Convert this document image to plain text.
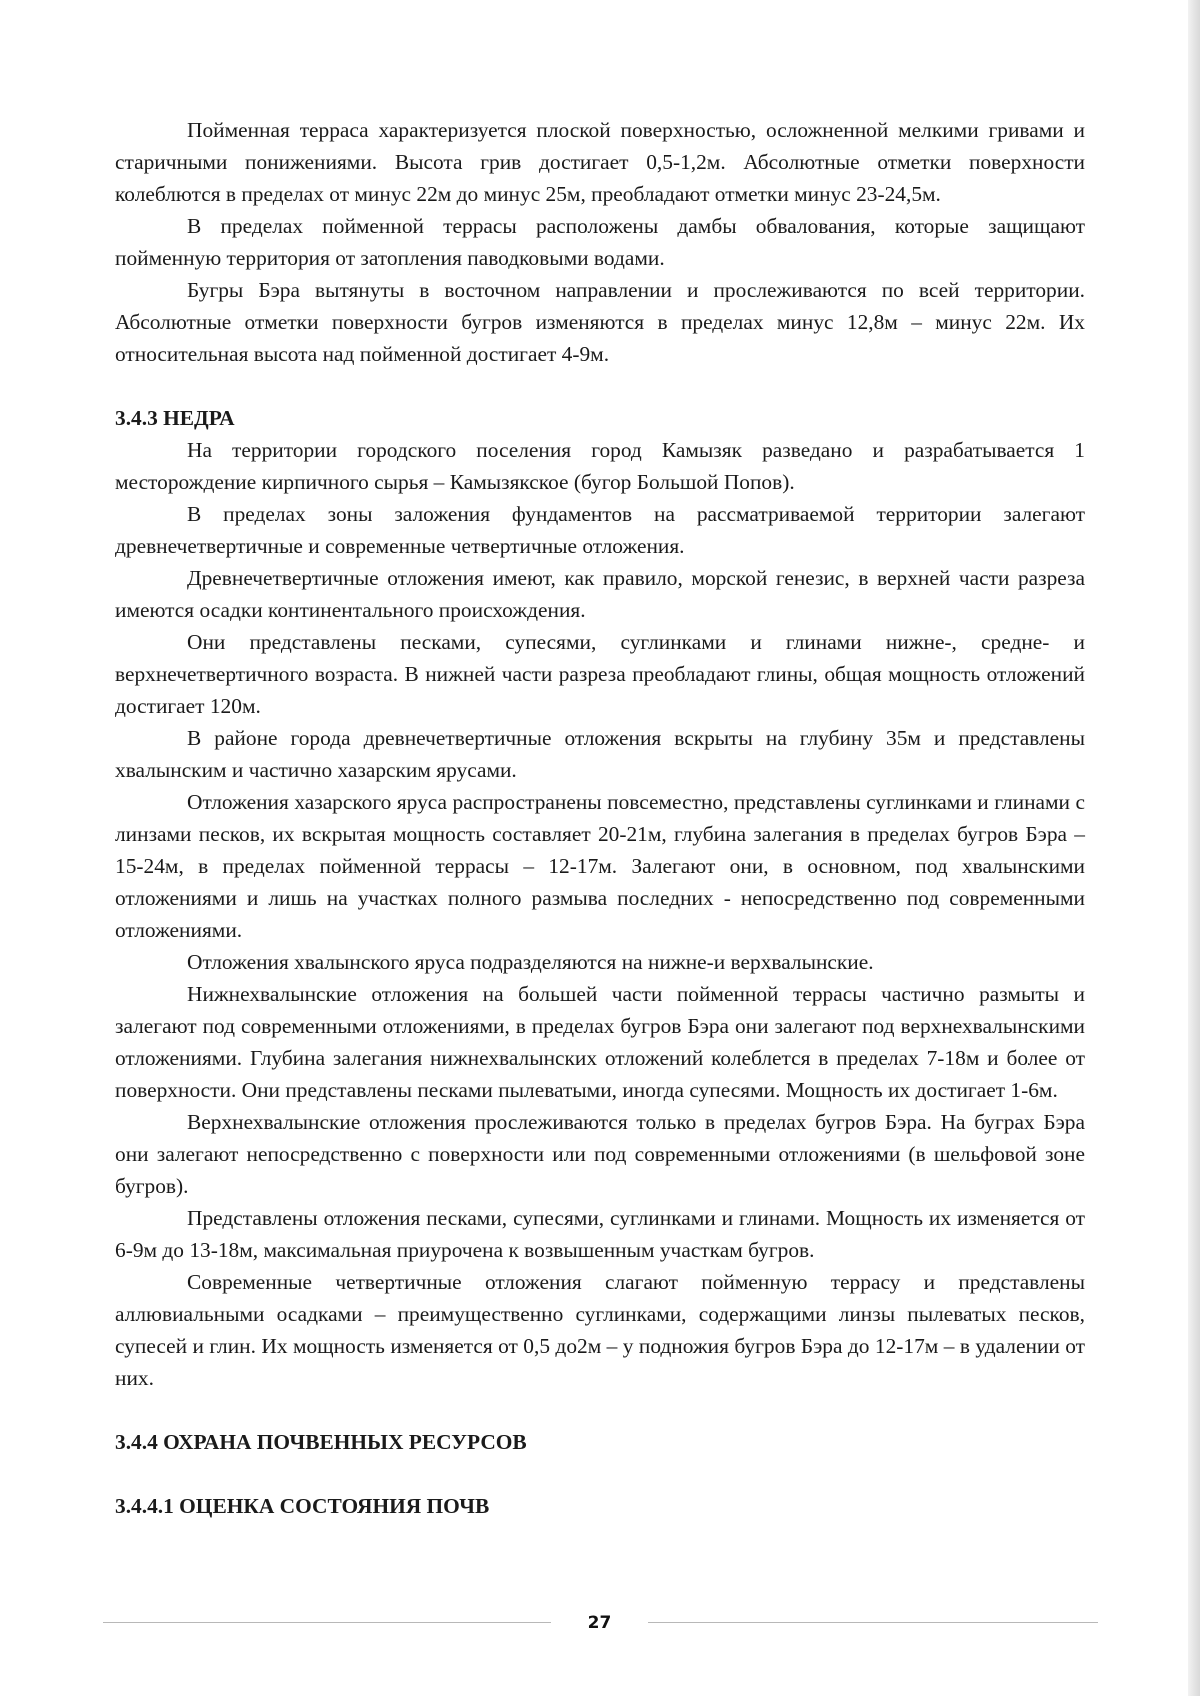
Пойменная терраса характеризуется плоской поверхностью, осложненной мелкими гривами и старичными понижениями. Высота грив достигает 0,5-1,2м. Абсолютные отметки поверхности колеблются в пределах от минус 22м до минус 25м, преобладают отметки минус 23-24,5м.

В пределах пойменной террасы расположены дамбы обвалования, которые защищают пойменную территория от затопления паводковыми водами.

Бугры Бэра вытянуты в восточном направлении и прослеживаются по всей территории. Абсолютные отметки поверхности бугров изменяются в пределах минус 12,8м – минус 22м. Их относительная высота над пойменной достигает 4-9м.

3.4.3 НЕДРА

На территории городского поселения город Камызяк разведано и разрабатывается 1 месторождение кирпичного сырья – Камызякское (бугор Большой Попов).

В пределах зоны заложения фундаментов на рассматриваемой территории залегают древнечетвертичные и современные четвертичные отложения.

Древнечетвертичные отложения имеют, как правило, морской генезис, в верхней части разреза имеются осадки континентального происхождения.

Они представлены песками, супесями, суглинками и глинами нижне-, средне- и верхнечетвертичного возраста. В нижней части разреза преобладают глины, общая мощность отложений достигает 120м.

В районе города древнечетвертичные отложения вскрыты на глубину 35м и представлены хвалынским и частично хазарским ярусами.

Отложения хазарского яруса распространены повсеместно, представлены суглинками и глинами с линзами песков, их вскрытая мощность составляет 20-21м, глубина залегания в пределах бугров Бэра – 15-24м, в пределах пойменной террасы – 12-17м. Залегают они, в основном, под хвалынскими отложениями и лишь на участках полного размыва последних - непосредственно под современными отложениями.

Отложения хвалынского яруса подразделяются на нижне-и верхвалынские.

Нижнехвалынские отложения на большей части пойменной террасы частично размыты и залегают под современными отложениями, в пределах бугров Бэра они залегают под верхнехвалынскими отложениями. Глубина залегания нижнехвалынских отложений колеблется в пределах 7-18м и более от поверхности. Они представлены песками пылеватыми, иногда супесями. Мощность их достигает 1-6м.

Верхнехвалынские отложения прослеживаются только в пределах бугров Бэра. На буграх Бэра они залегают непосредственно с поверхности или под современными отложениями (в шельфовой зоне бугров).

Представлены отложения песками, супесями, суглинками и глинами. Мощность их изменяется от 6-9м до 13-18м, максимальная приурочена к возвышенным участкам бугров.

Современные четвертичные отложения слагают пойменную террасу и представлены аллювиальными осадками – преимущественно суглинками, содержащими линзы пылеватых песков, супесей и глин. Их мощность изменяется от 0,5 до2м – у подножия бугров Бэра до 12-17м – в удалении от них.

3.4.4 ОХРАНА ПОЧВЕННЫХ РЕСУРСОВ
3.4.4.1 ОЦЕНКА СОСТОЯНИЯ ПОЧВ
27
